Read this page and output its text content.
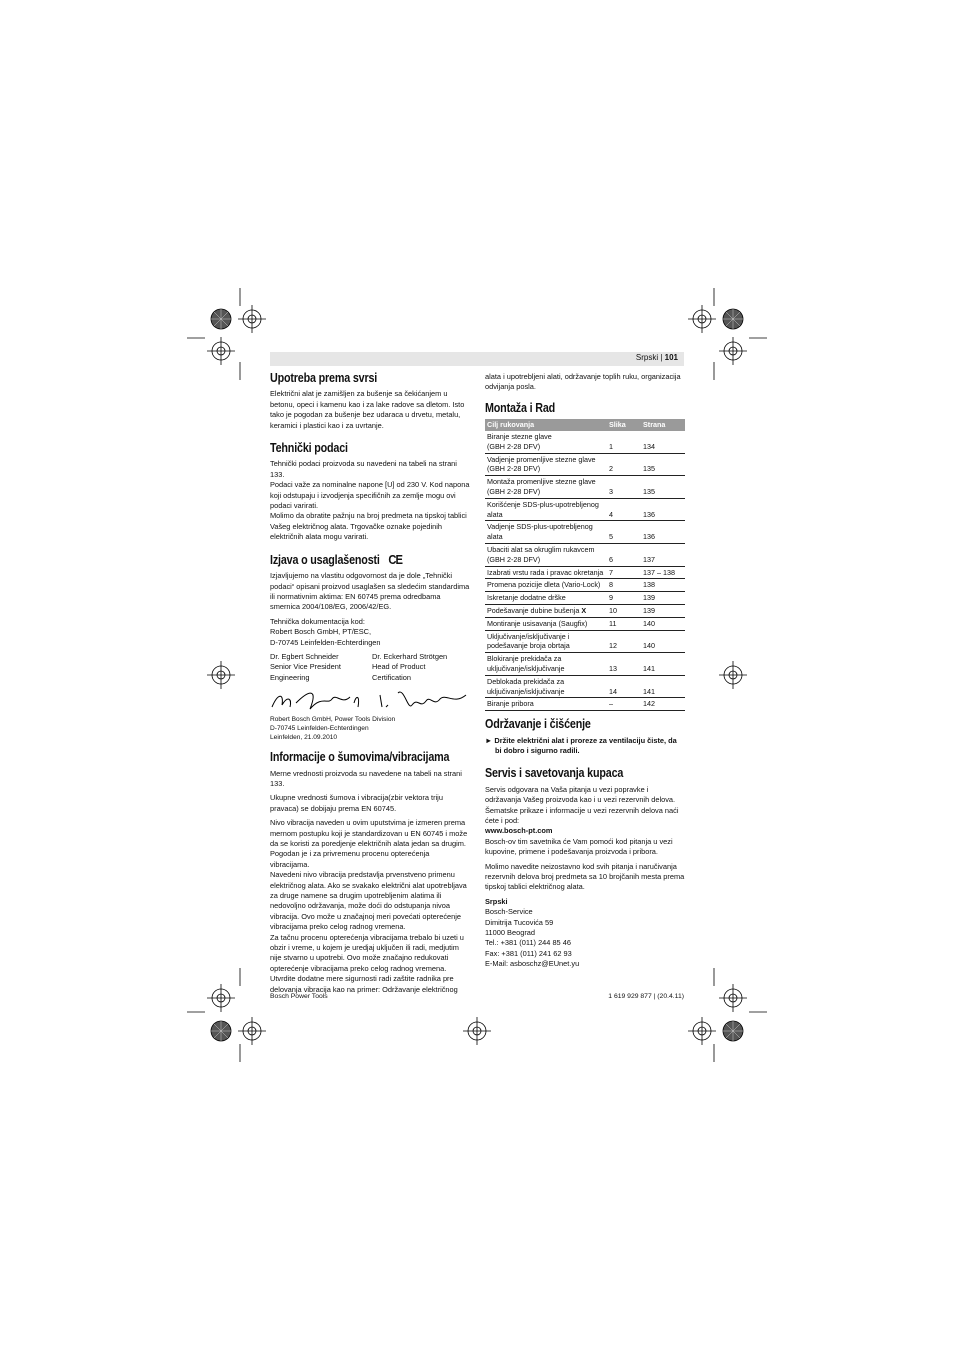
Srpski | 101
Upotreba prema svrsi

Električni alat je zamišljen za bušenje sa čekićanjem u betonu, opeci i kamenu kao i za lake radove sa dletom. Isto tako je pogodan za bušenje bez udaraca u drvetu, metalu, keramici i plastici kao i za uvrtanje.

Tehnički podaci

Tehnički podaci proizvoda su navedeni na tabeli na strani 133.

Podaci važe za nominalne napone [U] od 230 V. Kod napona koji odstupaju i izvodjenja specifičnih za zemlje mogu ovi podaci varirati.

Molimo da obratite pažnju na broj predmeta na tipskoj tablici Vašeg električnog alata. Trgovačke oznake pojedinih električnih alata mogu varirati.

Izjava o usaglašenosti CE

Izjavljujemo na vlastitu odgovornost da je dole „Tehnički podaci“ opisani proizvod usaglašen sa sledećim standardima ili normativnim aktima: EN 60745 prema odredbama smernica 2004/108/EG, 2006/42/EG.

Tehnička dokumentacija kod:
Robert Bosch GmbH, PT/ESC,
D-70745 Leinfelden-Echterdingen
Dr. Egbert Schneider	Dr. Eckerhard Strötgen
Senior Vice President	Head of Product
Engineering	Certification
Robert Bosch GmbH, Power Tools Division
D-70745 Leinfelden-Echterdingen
Leinfelden, 21.09.2010
Informacije o šumovima/vibracijama

Merne vrednosti proizvoda su navedene na tabeli na strani 133.

Ukupne vrednosti šumova i vibracija(zbir vektora triju pravaca) se dobijaju prema EN 60745.

Nivo vibracija naveden u ovim uputstvima je izmeren prema mernom postupku koji je standardizovan u EN 60745 i može da se koristi za poredjenje električnih alata jedan sa drugim. Pogodan je i za privremenu procenu opterećenja vibracijama.

Navedeni nivo vibracija predstavlja prvenstveno primenu električnog alata. Ako se svakako električni alat upotrebljava za druge namene sa drugim upotrebljenim alatima ili nedovoljno održavanja, može doći do odstupanja nivoa vibracija. Ovo može u značajnoj meri povećati opterećenje vibracijama preko celog radnog vremena.

Za tačnu procenu opterećenja vibracijama trebalo bi uzeti u obzir i vreme, u kojem je uredjaj uključen ili radi, medjutim nije stvarno u upotrebi. Ovo može značajno redukovati opterećenje vibracijama preko celog radnog vremena.

Utvrdite dodatne mere sigurnosti radi zaštite radnika pre delovanja vibracija kao na primer: Održavanje električnog

alata i upotrebljeni alati, održavanje toplih ruku, organizacija odvijanja posla.

Montaža i Rad
Cilj rukovanja	Slika	Strana
Biranje stezne glave
(GBH 2-28 DFV)	1	134
Vadjenje promenljive stezne glave
(GBH 2-28 DFV)	2	135
Montaža promenljive stezne glave
(GBH 2-28 DFV)	3	135
Korišćenje SDS-plus-upotrebljenog
alata	4	136
Vadjenje SDS-plus-upotrebljenog
alata	5	136
Ubaciti alat sa okruglim rukavcem
(GBH 2-28 DFV)	6	137
Izabrati vrstu rada i pravac okretanja	7	137 – 138
Promena pozicije dleta (Vario-Lock)	8	138
Iskretanje dodatne drške	9	139
Podešavanje dubine bušenja X	10	139
Montiranje usisavanja (Saugfix)	11	140
Uključivanje/isključivanje i
podešavanje broja obrtaja	12	140
Blokiranje prekidača za
uključivanje/isključivanje	13	141
Deblokada prekidača za
uključivanje/isključivanje	14	141
Biranje pribora	–	142
Održavanje i čišćenje

► Držite električni alat i proreze za ventilaciju čiste, da bi dobro i sigurno radili.

Servis i savetovanja kupaca

Servis odgovara na Vaša pitanja u vezi popravke i održavanja Vašeg proizvoda kao i u vezi rezervnih delova. Šematske prikaze i informacije u vezi rezervnih delova naći ćete i pod:
www.bosch-pt.com

Bosch-ov tim savetnika će Vam pomoći kod pitanja u vezi kupovine, primene i podešavanja proizvoda i pribora.

Molimo navedite neizostavno kod svih pitanja i naručivanja rezervnih delova broj predmeta sa 10 brojčanih mesta prema tipskoj tablici električnog alata.

Srpski
Bosch-Service
Dimitrija Tucovića 59
11000 Beograd
Tel.: +381 (011) 244 85 46
Fax: +381 (011) 241 62 93
E-Mail: asboschz@EUnet.yu
Bosch Power Tools	1 619 929 877 | (20.4.11)
